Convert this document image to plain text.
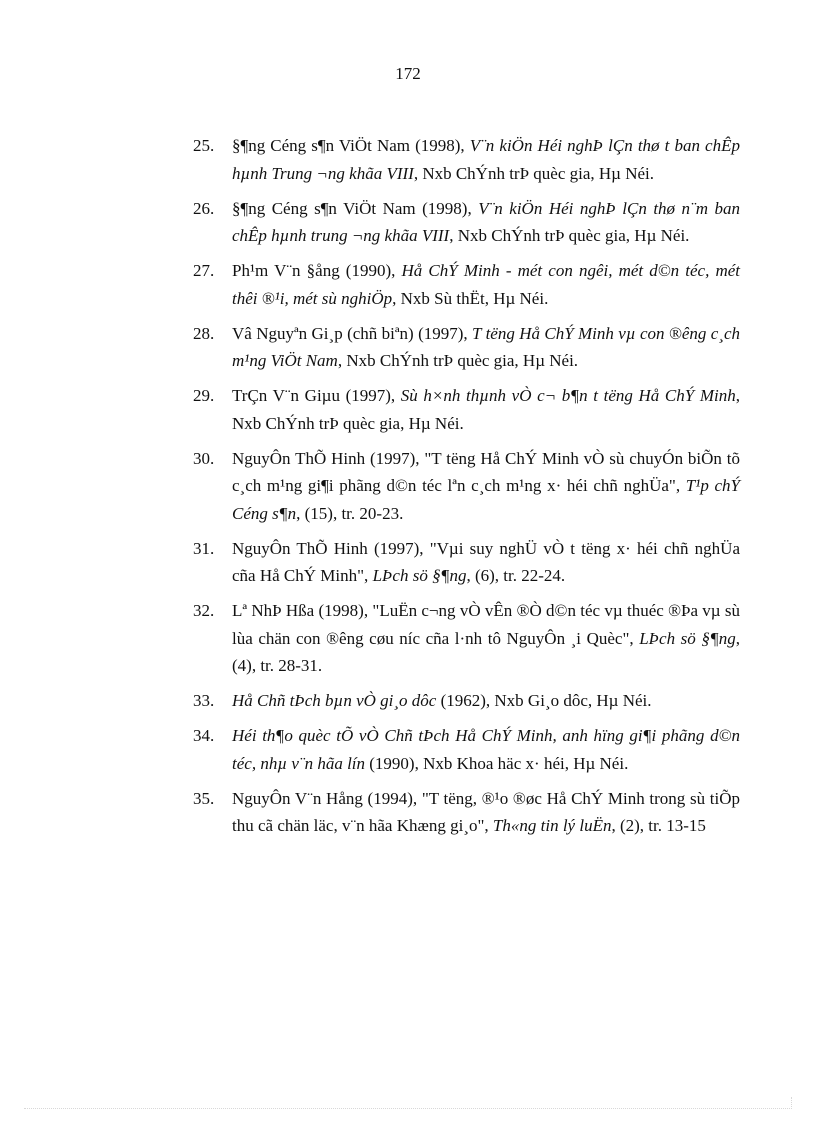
172
25. §¶ng Céng s¶n ViÖt Nam (1998), V¨n kiÖn Héi nghÞ lÇn thø t ban chÊp hµnh Trung ¬ng khãa VIII, Nxb ChÝnh trÞ quèc gia, Hµ Néi.
26. §¶ng Céng s¶n ViÖt Nam (1998), V¨n kiÖn Héi nghÞ lÇn thø n¨m ban chÊp hµnh trung ¬ng khãa VIII, Nxb ChÝnh trÞ quèc gia, Hµ Néi.
27. Ph¹m V¨n §ång (1990), Hå ChÝ Minh - mét con ngêi, mét d©n téc, mét thêi ®¹i, mét sù nghiÖp, Nxb Sù thËt, Hµ Néi.
28. Vâ Nguyªn Gi¸p (chñ biªn) (1997), T tëng Hå ChÝ Minh vµ con ®êng c¸ch m¹ng ViÖt Nam, Nxb ChÝnh trÞ quèc gia, Hµ Néi.
29. TrÇn V¨n Giµu (1997), Sù h×nh thµnh vÒ c¬ b¶n t tëng Hå ChÝ Minh, Nxb ChÝnh trÞ quèc gia, Hµ Néi.
30. NguyÔn ThÕ Hinh (1997), "T tëng Hå ChÝ Minh vÒ sù chuyÓn biÕn tõ c¸ch m¹ng gi¶i phãng d©n téc lªn c¸ch m¹ng x· héi chñ nghÜa", T¹p chÝ Céng s¶n, (15), tr. 20-23.
31. NguyÔn ThÕ Hinh (1997), "Vµi suy nghÜ vÒ t tëng x· héi chñ nghÜa cña Hå ChÝ Minh", LÞch sö §¶ng, (6), tr. 22-24.
32. Lª NhÞ Hßa (1998), "LuËn c¬ng vÒ vÊn ®Ò d©n téc vµ thuéc ®Þa vµ sù lùa chän con ®êng cøu níc cña l·nh tô NguyÔn ¸i Quèc", LÞch sö §¶ng, (4), tr. 28-31.
33. Hå Chñ tÞch bµn vÒ gi¸o dôc (1962), Nxb Gi¸o dôc, Hµ Néi.
34. Héi th¶o quèc tÕ vÒ Chñ tÞch Hå ChÝ Minh, anh hïng gi¶i phãng d©n téc, nhµ v¨n hãa lín (1990), Nxb Khoa häc x· héi, Hµ Néi.
35. NguyÔn V¨n Hång (1994), "T tëng, ®¹o ®øc Hå ChÝ Minh trong sù tiÕp thu cã chän läc, v¨n hãa Khæng gi¸o", Th«ng tin lý luËn, (2), tr. 13-15
